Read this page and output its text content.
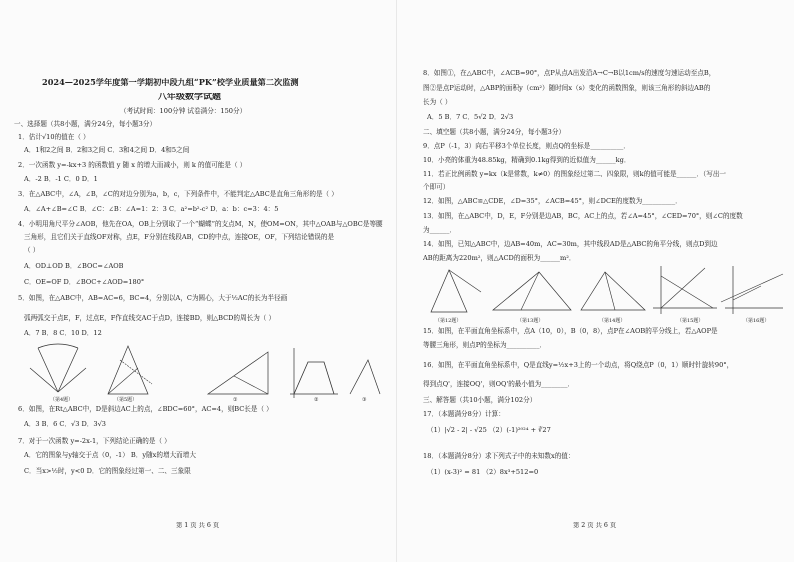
2024—2025学年度第一学期初中段九组“PK”校学业质量第二次监测
八年级数学试题
（考试时间：100分钟 试卷满分：150分）
一、选择题（共8小题，满分24分，每小题3分）
1．估计√10的值在（ ）
A．1和2之间 B．2和3之间 C．3和4之间 D．4和5之间
2．一次函数 y=-kx+3 的函数值 y 随 x 的增大而减小，则 k 的值可能是（ ）
A．-2 B．-1 C．0 D．1
3．在△ABC中，∠A，∠B，∠C的对边分别为a，b，c，下列条件中，不能判定△ABC是直角三角形的是（ ）
A．∠A+∠B=∠C B．∠C：∠B：∠A=1：2：3 C．a²=b²-c² D．a：b：c=3：4：5
4．小明用角尺平分∠AOB，他先在OA，OB上分别取了一个“蝴蝶”的支点M，N，使OM=ON，其中△OAB与△OBC是等腰
三角形，且它们关于直线OF对称，点E，F分别在线段AB，CD的中点，连接OE，OF，下列结论错误的是
（ ）
A．OD⊥OD B．∠BOC=∠AOB
C．OE=OF D．∠BOC+∠AOD=180°
5．如图，在△ABC中，AB=AC=6，BC=4，分别以A，C为圆心，大于½AC的长为半径画
弧两弧交于点E，F，过点E，F作直线交AC于点D，连接BD，则△BCD的周长为（ ）
A．7 B．8 C．10 D．12
（第4题）	（第5题）	①	②	③
6．如图，在Rt△ABC中，D是斜边AC上的点，∠BDC=60°，AC=4，则BC长是（ ）
A．3 B．6 C．√3 D．3√3
7．对于一次函数 y=-2x-1，下列结论正确的是（ ）
A．它的图象与y轴交于点（0，-1） B．y随x的增大而增大
C．当x>½时，y<0 D．它的图象经过第一、二、三象限
第 1 页 共 6 页
8．如图①，在△ABC中，∠ACB=90°，点P从点A出发沿A→C→B以1cm/s的速度匀速运动至点B，
图②是点P运动时，△ABP的面积y（cm²）随时间x（s）变化的函数图象，则该三角形的斜边AB的
长为（ ）
A．5 B．7 C．5√2 D．2√3
二、填空题（共8小题，满分24分，每小题3分）
9．点P（-1，3）向右平移3个单位长度，则点Q的坐标是__________．
10．小亮的体重为48.85kg，精确到0.1kg得到的近似值为______kg．
11．若正比例函数 y=kx（k是常数，k≠0）的图象经过第二、四象限，则k的值可能是______．（写出一
个即可）
12．如图，△ABC≌△CDE，∠D=35°，∠ACB=45°，则∠DCE的度数为__________．
13．如图，在△ABC中，D，E，F分别是边AB，BC，AC上的点，若∠A=45°，∠CED=70°，则∠C的度数
为______．
14．如图，已知△ABC中，边AB=40m，AC=30m，其中线段AD是△ABC的角平分线，则点D到边
AB的距离为220m²，则△ACD的面积为______m²．
（第12题）	（第13题）	（第14题）	（第15题）	（第16题）
15．如图，在平面直角坐标系中，点A（10，0），B（0，8），点P在∠AOB的平分线上，若△AOP是
等腰三角形，则点P的坐标为__________．
16．如图，在平面直角坐标系中，Q是直线y=½x+3上的一个动点，将Q绕点P（0，1）顺时针旋转90°，
得到点Q'，连接OQ'，则OQ'的最小值为________．
三、解答题（共10小题，满分102分）
17．（本题满分8分）计算：
（1）|√2 - 2| - √25 （2）(-1)²⁰²⁴ + ∛27
18．（本题满分8分）求下列式子中的未知数x的值：
（1）(x-3)² = 81 （2）8x³+512=0
第 2 页 共 6 页
